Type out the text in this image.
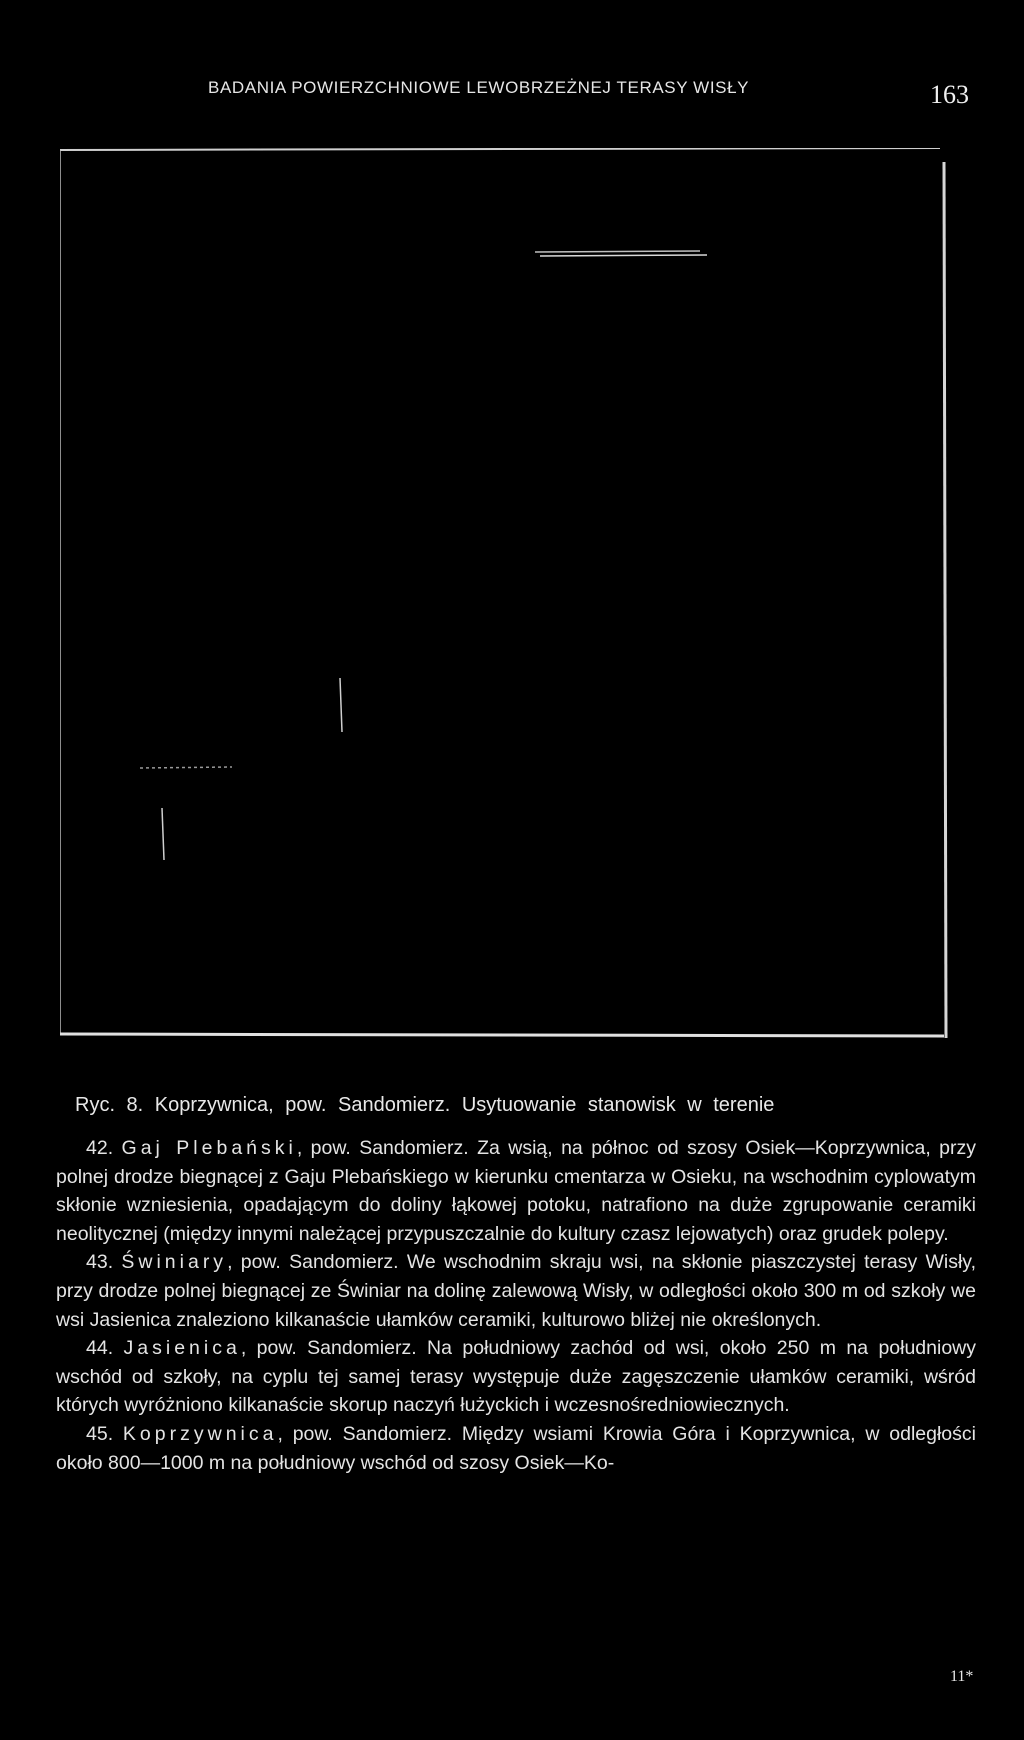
BADANIA POWIERZCHNIOWE LEWOBRZEŻNEJ TERASY WISŁY	163
Ryc. 8. Koprzywnica, pow. Sandomierz. Usytuowanie stanowisk w terenie

42. Gaj Plebański, pow. Sandomierz. Za wsią, na północ od szosy Osiek—Koprzywnica, przy polnej drodze biegnącej z Gaju Plebańskiego w kierunku cmentarza w Osieku, na wschodnim cyplowatym skłonie wzniesienia, opadającym do doliny łąkowej potoku, natrafiono na duże zgrupowanie ceramiki neolitycznej (między innymi należącej przypuszczalnie do kultury czasz lejowatych) oraz grudek polepy.

43. Świniary, pow. Sandomierz. We wschodnim skraju wsi, na skłonie piaszczystej terasy Wisły, przy drodze polnej biegnącej ze Świniar na dolinę zalewową Wisły, w odległości około 300 m od szkoły we wsi Jasienica znaleziono kilkanaście ułamków ceramiki, kulturowo bliżej nie określonych.

44. Jasienica, pow. Sandomierz. Na południowy zachód od wsi, około 250 m na południowy wschód od szkoły, na cyplu tej samej terasy występuje duże zagęszczenie ułamków ceramiki, wśród których wyróżniono kilkanaście skorup naczyń łużyckich i wczesnośredniowiecznych.

45. Koprzywnica, pow. Sandomierz. Między wsiami Krowia Góra i Koprzywnica, w odległości około 800—1000 m na południowy wschód od szosy Osiek—Ko-

11*
